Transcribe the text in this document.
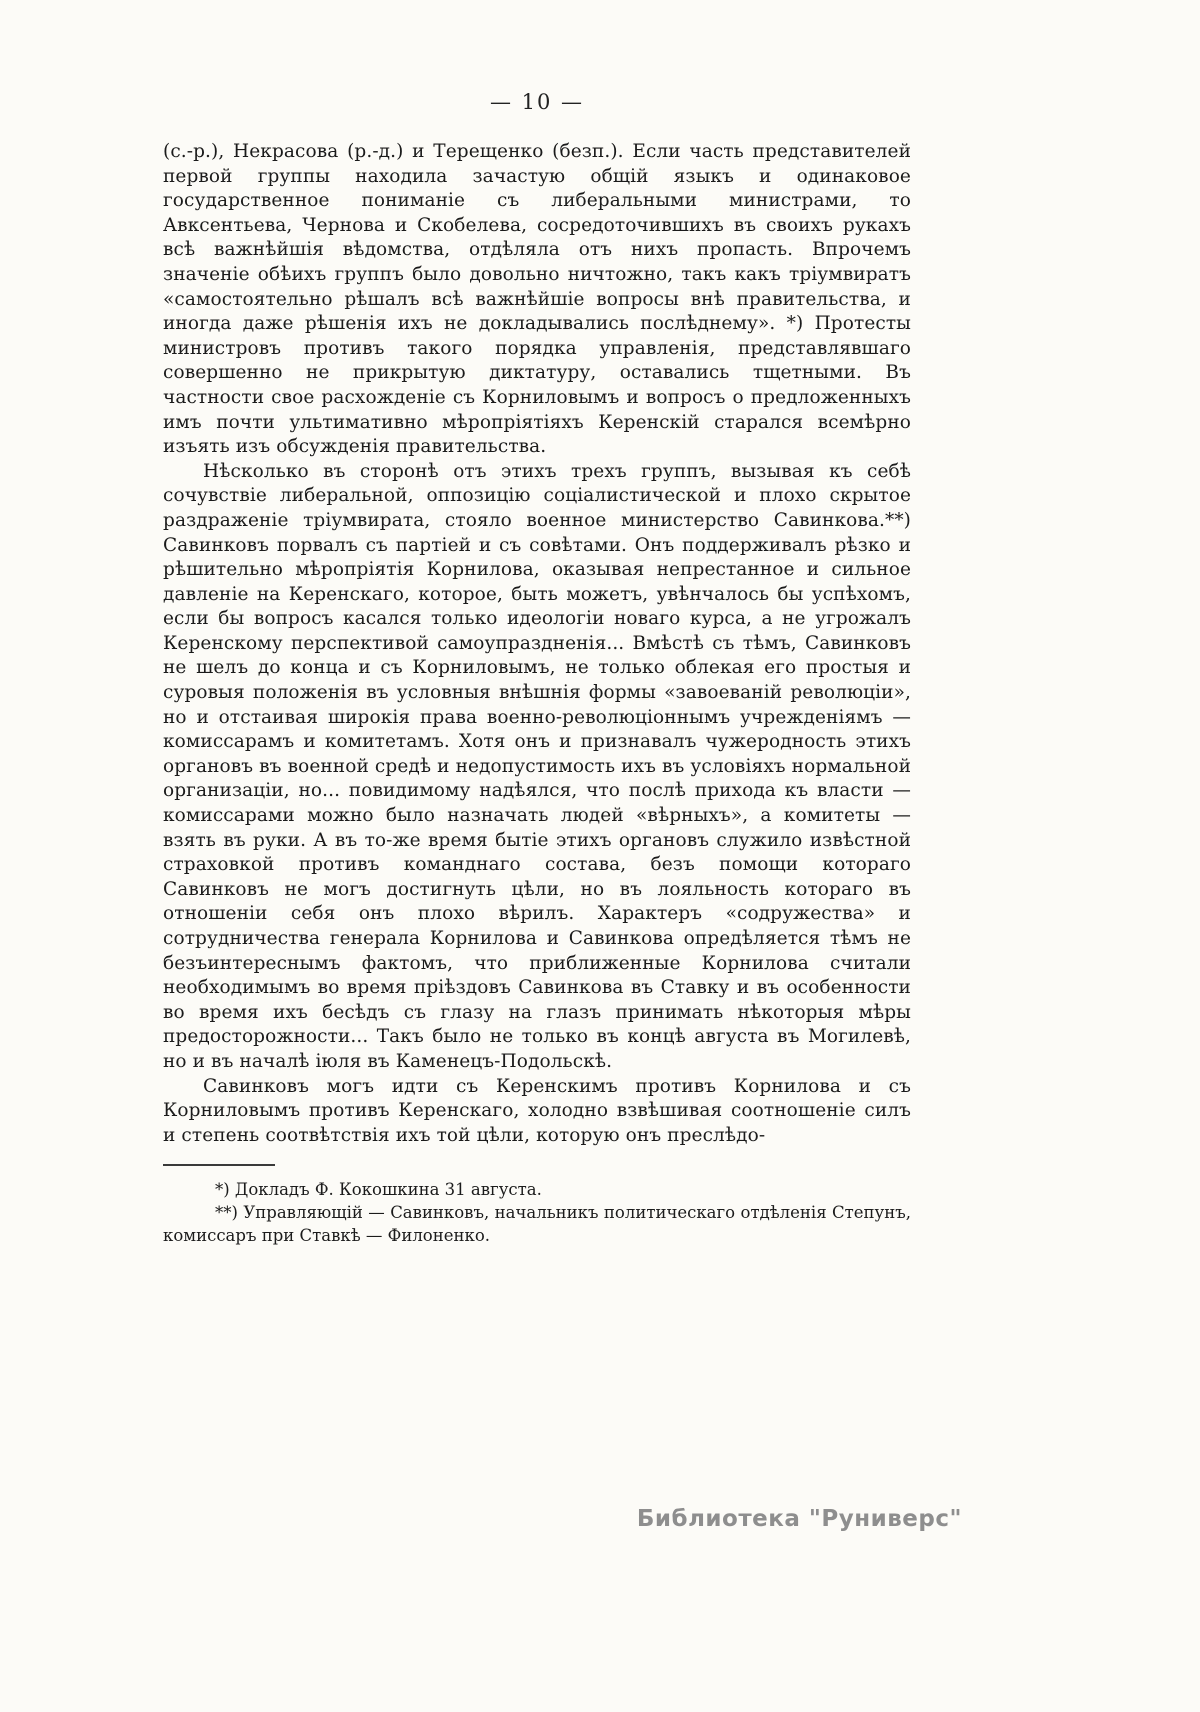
— 10 —

(с.-р.), Некрасова (р.-д.) и Терещенко (безп.). Если часть представителей первой группы находила зачастую общій языкъ и одинаковое государственное пониманіе съ либеральными министрами, то Авксентьева, Чернова и Скобелева, сосредоточившихъ въ своихъ рукахъ всѣ важнѣйшія вѣдомства, отдѣляла отъ нихъ пропасть. Впрочемъ значеніе обѣихъ группъ было довольно ничтожно, такъ какъ тріумвиратъ «самостоятельно рѣшалъ всѣ важнѣйшіе вопросы внѣ правительства, и иногда даже рѣшенія ихъ не докладывались послѣднему». *) Протесты министровъ противъ такого порядка управленія, представлявшаго совершенно не прикрытую диктатуру, оставались тщетными. Въ частности свое расхожденіе съ Корниловымъ и вопросъ о предложенныхъ имъ почти ультимативно мѣропріятіяхъ Керенскій старался всемѣрно изъять изъ обсужденія правительства.

Нѣсколько въ сторонѣ отъ этихъ трехъ группъ, вызывая къ себѣ сочувствіе либеральной, оппозицію соціалистической и плохо скрытое раздраженіе тріумвирата, стояло военное министерство Савинкова.**) Савинковъ порвалъ съ партіей и съ совѣтами. Онъ поддерживалъ рѣзко и рѣшительно мѣропріятія Корнилова, оказывая непрестанное и сильное давленіе на Керенскаго, которое, быть можетъ, увѣнчалось бы успѣхомъ, если бы вопросъ касался только идеологіи новаго курса, а не угрожалъ Керенскому перспективой самоупраздненія... Вмѣстѣ съ тѣмъ, Савинковъ не шелъ до конца и съ Корниловымъ, не только облекая его простыя и суровыя положенія въ условныя внѣшнія формы «завоеваній революціи», но и отстаивая широкія права военно-революціоннымъ учрежденіямъ — комиссарамъ и комитетамъ. Хотя онъ и признавалъ чужеродность этихъ органовъ въ военной средѣ и недопустимость ихъ въ условіяхъ нормальной организаціи, но... повидимому надѣялся, что послѣ прихода къ власти — комиссарами можно было назначать людей «вѣрныхъ», а комитеты — взять въ руки. А въ то-же время бытіе этихъ органовъ служило извѣстной страховкой противъ команднаго состава, безъ помощи котораго Савинковъ не могъ достигнуть цѣли, но въ лояльность котораго въ отношеніи себя онъ плохо вѣрилъ. Характеръ «содружества» и сотрудничества генерала Корнилова и Савинкова опредѣляется тѣмъ не безъинтереснымъ фактомъ, что приближенные Корнилова считали необходимымъ во время пріѣздовъ Савинкова въ Ставку и въ особенности во время ихъ бесѣдъ съ глазу на глазъ принимать нѣкоторыя мѣры предосторожности... Такъ было не только въ концѣ августа въ Могилевѣ, но и въ началѣ іюля въ Каменецъ-Подольскѣ.

Савинковъ могъ идти съ Керенскимъ противъ Корнилова и съ Корниловымъ противъ Керенскаго, холодно взвѣшивая соотношеніе силъ и степень соотвѣтствія ихъ той цѣли, которую онъ преслѣдо-

*) Докладъ Ф. Кокошкина 31 августа.

**) Управляющій — Савинковъ, начальникъ политическаго отдѣленія Степунъ, комиссаръ при Ставкѣ — Филоненко.

Библиотека "Руниверс"
